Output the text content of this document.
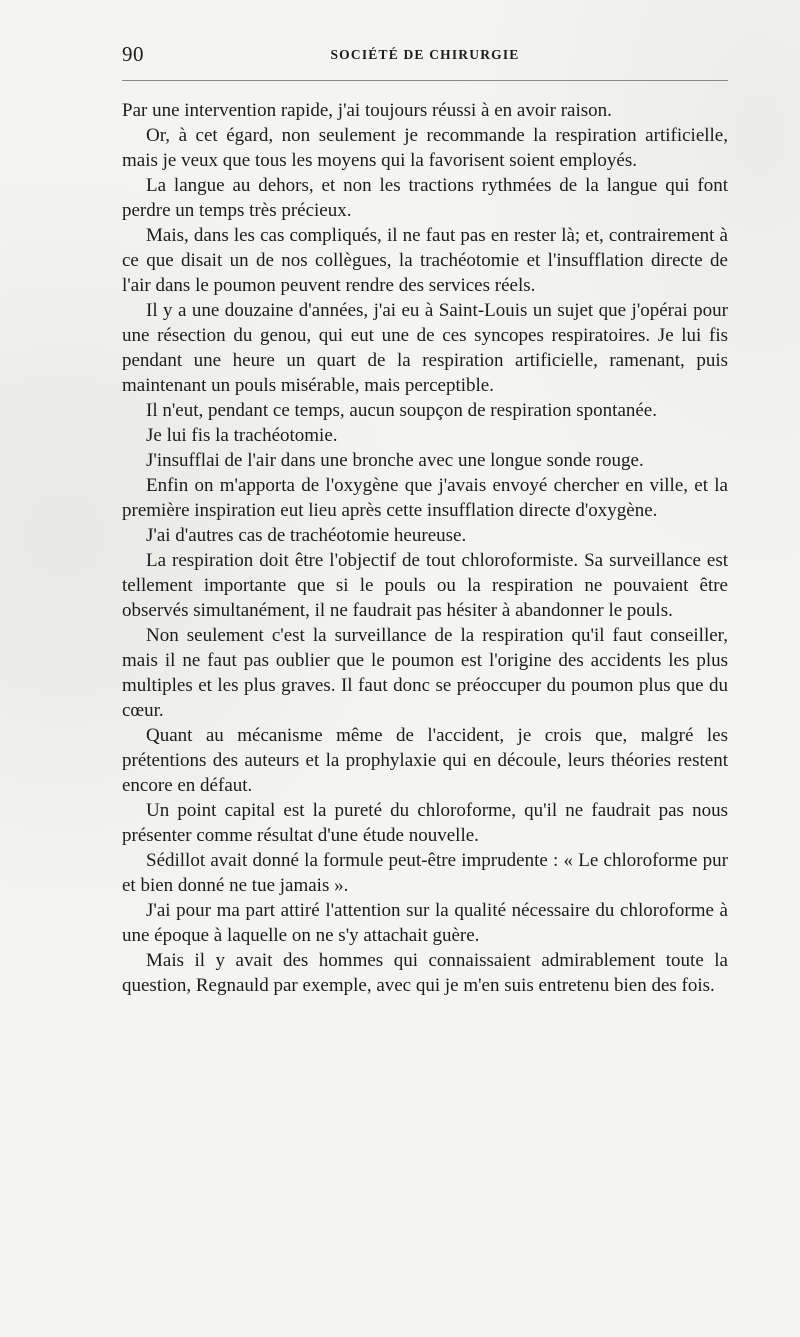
90	SOCIÉTÉ DE CHIRURGIE

Par une intervention rapide, j'ai toujours réussi à en avoir raison.

Or, à cet égard, non seulement je recommande la respiration artificielle, mais je veux que tous les moyens qui la favorisent soient employés.

La langue au dehors, et non les tractions rythmées de la langue qui font perdre un temps très précieux.

Mais, dans les cas compliqués, il ne faut pas en rester là; et, contrairement à ce que disait un de nos collègues, la trachéotomie et l'insufflation directe de l'air dans le poumon peuvent rendre des services réels.

Il y a une douzaine d'années, j'ai eu à Saint-Louis un sujet que j'opérai pour une résection du genou, qui eut une de ces syncopes respiratoires. Je lui fis pendant une heure un quart de la respiration artificielle, ramenant, puis maintenant un pouls misérable, mais perceptible.

Il n'eut, pendant ce temps, aucun soupçon de respiration spontanée.

Je lui fis la trachéotomie.

J'insufflai de l'air dans une bronche avec une longue sonde rouge.

Enfin on m'apporta de l'oxygène que j'avais envoyé chercher en ville, et la première inspiration eut lieu après cette insufflation directe d'oxygène.

J'ai d'autres cas de trachéotomie heureuse.

La respiration doit être l'objectif de tout chloroformiste. Sa surveillance est tellement importante que si le pouls ou la respiration ne pouvaient être observés simultanément, il ne faudrait pas hésiter à abandonner le pouls.

Non seulement c'est la surveillance de la respiration qu'il faut conseiller, mais il ne faut pas oublier que le poumon est l'origine des accidents les plus multiples et les plus graves. Il faut donc se préoccuper du poumon plus que du cœur.

Quant au mécanisme même de l'accident, je crois que, malgré les prétentions des auteurs et la prophylaxie qui en découle, leurs théories restent encore en défaut.

Un point capital est la pureté du chloroforme, qu'il ne faudrait pas nous présenter comme résultat d'une étude nouvelle.

Sédillot avait donné la formule peut-être imprudente : « Le chloroforme pur et bien donné ne tue jamais ».

J'ai pour ma part attiré l'attention sur la qualité nécessaire du chloroforme à une époque à laquelle on ne s'y attachait guère.

Mais il y avait des hommes qui connaissaient admirablement toute la question, Regnauld par exemple, avec qui je m'en suis entretenu bien des fois.
